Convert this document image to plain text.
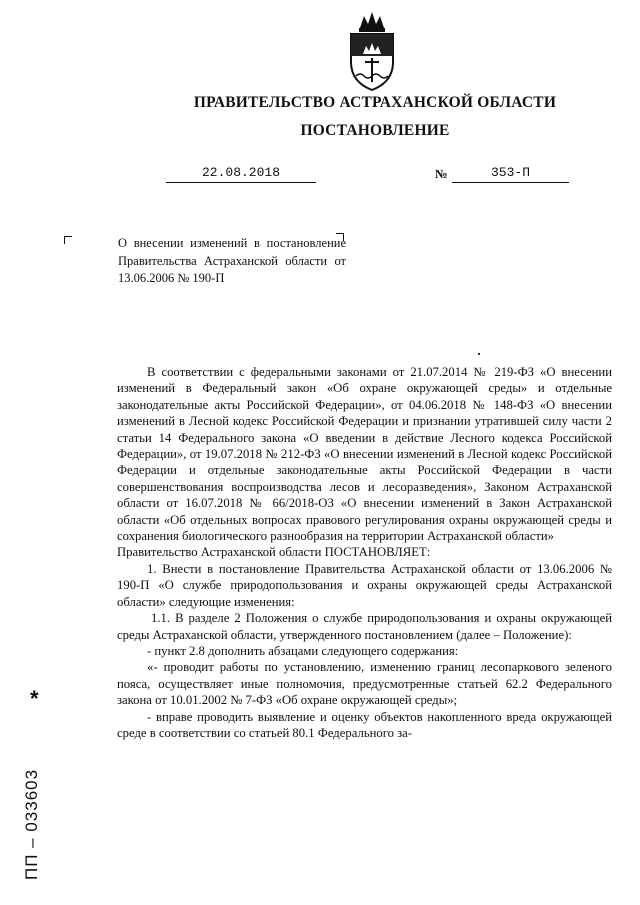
ПРАВИТЕЛЬСТВО АСТРАХАНСКОЙ ОБЛАСТИ
ПОСТАНОВЛЕНИЕ
22.08.2018	№	353-П
О внесении изменений в постановление Правительства Астраханской области от 13.06.2006 № 190-П

В соответствии с федеральными законами от 21.07.2014 № 219-ФЗ «О внесении изменений в Федеральный закон «Об охране окружающей среды» и отдельные законодательные акты Российской Федерации», от 04.06.2018 № 148-ФЗ «О внесении изменений в Лесной кодекс Российской Федерации и признании утратившей силу части 2 статьи 14 Федерального закона «О введении в действие Лесного кодекса Российской Федерации», от 19.07.2018 № 212-ФЗ «О внесении изменений в Лесной кодекс Российской Федерации и отдельные законодательные акты Российской Федерации в части совершенствования воспроизводства лесов и лесоразведения», Законом Астраханской области от 16.07.2018 № 66/2018-ОЗ «О внесении изменений в Закон Астраханской области «Об отдельных вопросах правового регулирования охраны окружающей среды и сохранения биологического разнообразия на территории Астраханской области»

Правительство Астраханской области ПОСТАНОВЛЯЕТ:

1. Внести в постановление Правительства Астраханской области от 13.06.2006 № 190-П «О службе природопользования и охраны окружающей среды Астраханской области» следующие изменения:

1.1. В разделе 2 Положения о службе природопользования и охраны окружающей среды Астраханской области, утвержденного постановлением (далее – Положение):

- пункт 2.8 дополнить абзацами следующего содержания:

«- проводит работы по установлению, изменению границ лесопаркового зеленого пояса, осуществляет иные полномочия, предусмотренные статьей 62.2 Федерального закона от 10.01.2002 № 7-ФЗ «Об охране окружающей среды»;

- вправе проводить выявление и оценку объектов накопленного вреда окружающей среде в соответствии со статьей 80.1 Федерального за-

*
ПП – 033603
